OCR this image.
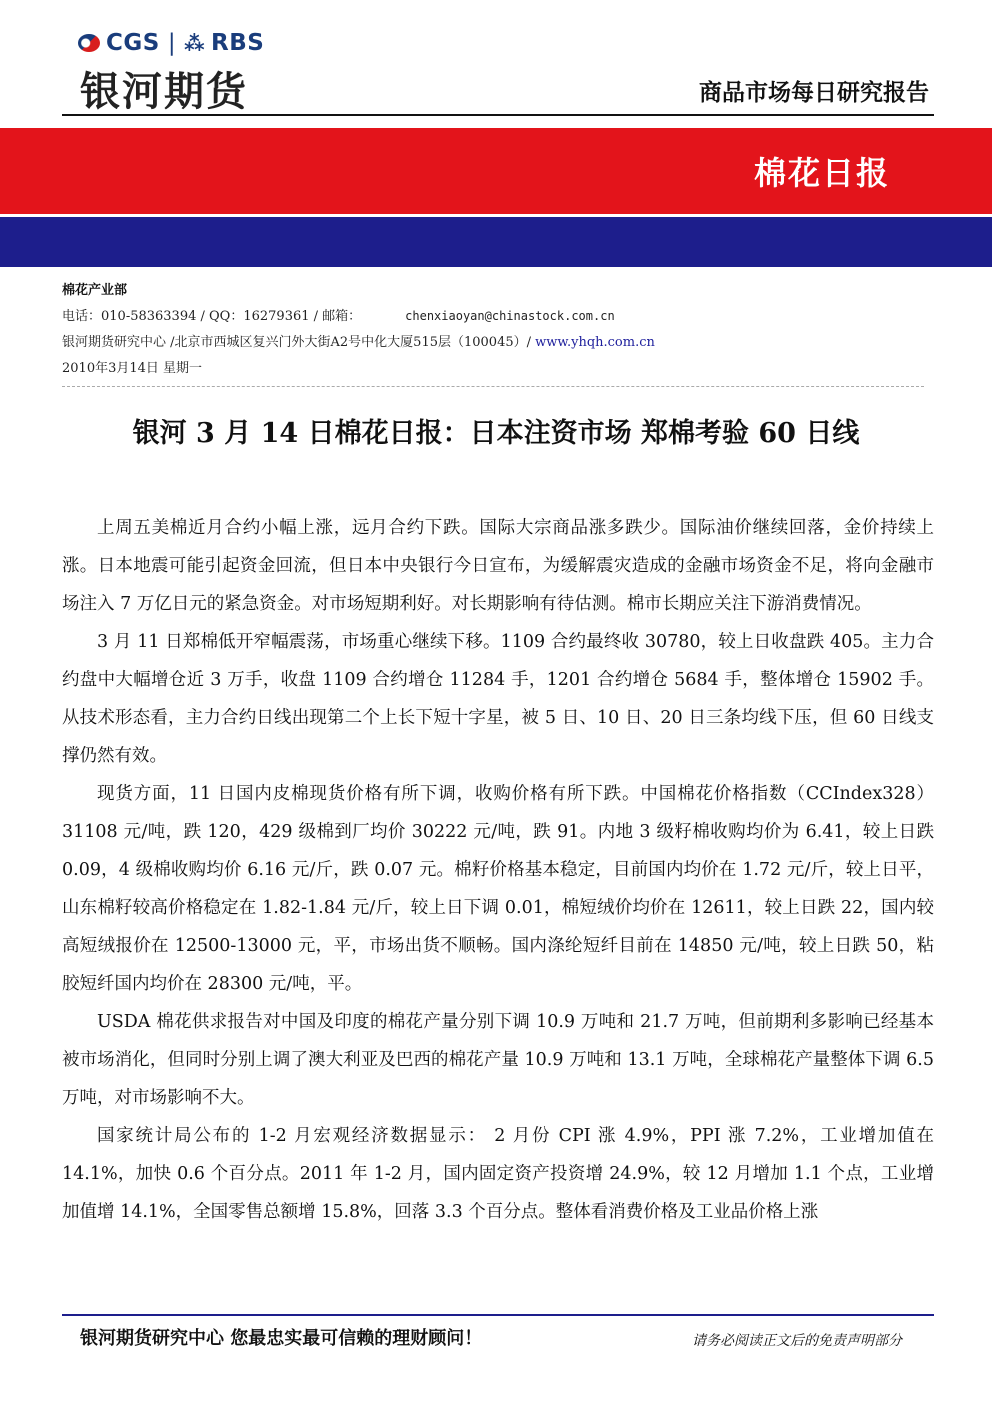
CGS | ⁂ RBS
银河期货	商品市场每日研究报告
棉花日报
棉花产业部
电话：010-58363394 / QQ：16279361 / 邮箱：	chenxiaoyan@chinastock.com.cn
银河期货研究中心 /北京市西城区复兴门外大街A2号中化大厦515层（100045）/ www.yhqh.com.cn
2010年3月14日 星期一
银河 3 月 14 日棉花日报：日本注资市场 郑棉考验 60 日线

上周五美棉近月合约小幅上涨，远月合约下跌。国际大宗商品涨多跌少。国际油价继续回落，金价持续上涨。日本地震可能引起资金回流，但日本中央银行今日宣布，为缓解震灾造成的金融市场资金不足，将向金融市场注入 7 万亿日元的紧急资金。对市场短期利好。对长期影响有待估测。棉市长期应关注下游消费情况。

3 月 11 日郑棉低开窄幅震荡，市场重心继续下移。1109 合约最终收 30780，较上日收盘跌 405。主力合约盘中大幅增仓近 3 万手，收盘 1109 合约增仓 11284 手，1201 合约增仓 5684 手，整体增仓 15902 手。从技术形态看，主力合约日线出现第二个上长下短十字星，被 5 日、10 日、20 日三条均线下压，但 60 日线支撑仍然有效。

现货方面，11 日国内皮棉现货价格有所下调，收购价格有所下跌。中国棉花价格指数（CCIndex328）31108 元/吨，跌 120，429 级棉到厂均价 30222 元/吨，跌 91。内地 3 级籽棉收购均价为 6.41，较上日跌 0.09，4 级棉收购均价 6.16 元/斤，跌 0.07 元。棉籽价格基本稳定，目前国内均价在 1.72 元/斤，较上日平，山东棉籽较高价格稳定在 1.82-1.84 元/斤，较上日下调 0.01，棉短绒价均价在 12611，较上日跌 22，国内较高短绒报价在 12500-13000 元，平，市场出货不顺畅。国内涤纶短纤目前在 14850 元/吨，较上日跌 50，粘胶短纤国内均价在 28300 元/吨，平。

USDA 棉花供求报告对中国及印度的棉花产量分别下调 10.9 万吨和 21.7 万吨，但前期利多影响已经基本被市场消化，但同时分别上调了澳大利亚及巴西的棉花产量 10.9 万吨和 13.1 万吨，全球棉花产量整体下调 6.5 万吨，对市场影响不大。

国家统计局公布的 1-2 月宏观经济数据显示： 2 月份 CPI 涨 4.9%，PPI 涨 7.2%，工业增加值在 14.1%，加快 0.6 个百分点。2011 年 1-2 月，国内固定资产投资增 24.9%，较 12 月增加 1.1 个点，工业增加值增 14.1%，全国零售总额增 15.8%，回落 3.3 个百分点。整体看消费价格及工业品价格上涨

银河期货研究中心 您最忠实最可信赖的理财顾问！	请务必阅读正文后的免责声明部分
